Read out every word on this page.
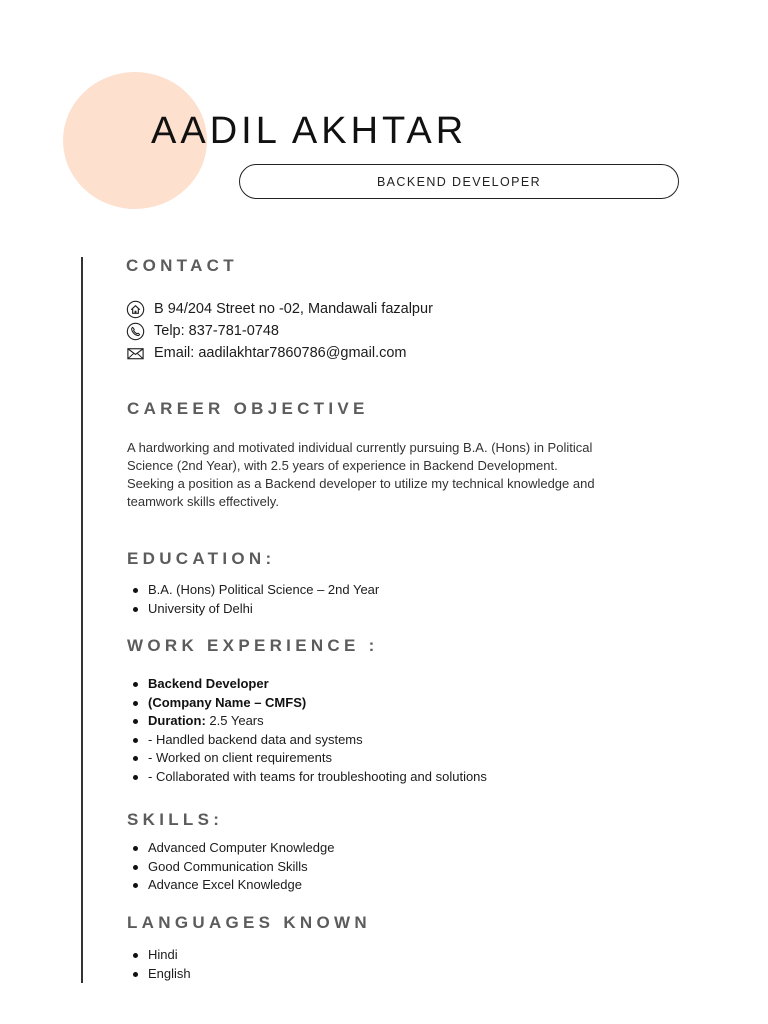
AADIL AKHTAR
BACKEND DEVELOPER
CONTACT
B 94/204 Street no -02, Mandawali fazalpur
Telp: 837-781-0748
Email: aadilakhtar7860786@gmail.com
CAREER OBJECTIVE

A hardworking and motivated individual currently pursuing B.A. (Hons) in Political Science (2nd Year), with 2.5 years of experience in Backend Development. Seeking a position as a Backend developer to utilize my technical knowledge and teamwork skills effectively.

EDUCATION:
B.A. (Hons) Political Science – 2nd Year
University of Delhi
WORK EXPERIENCE :
Backend Developer
(Company Name – CMFS)
Duration: 2.5 Years
- Handled backend data and systems
- Worked on client requirements
- Collaborated with teams for troubleshooting and solutions
SKILLS:
Advanced Computer Knowledge
Good Communication Skills
Advance Excel Knowledge
LANGUAGES KNOWN
Hindi
English
